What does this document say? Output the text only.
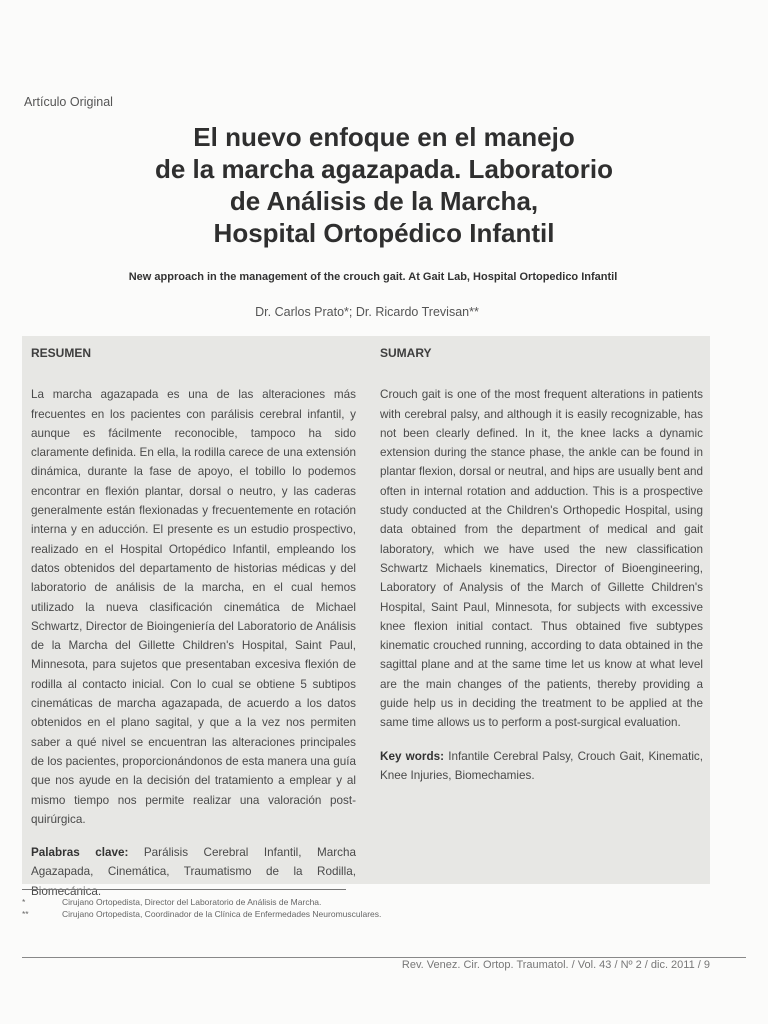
Artículo Original
El nuevo enfoque en el manejo
de la marcha agazapada. Laboratorio
de Análisis de la Marcha,
Hospital Ortopédico Infantil
New approach in the management of the crouch gait. At Gait Lab, Hospital Ortopedico Infantil
Dr. Carlos Prato*; Dr. Ricardo Trevisan**
RESUMEN
La marcha agazapada es una de las alteraciones más frecuentes en los pacientes con parálisis cerebral infantil, y aunque es fácilmente reconocible, tampoco ha sido claramente definida. En ella, la rodilla carece de una extensión dinámica, durante la fase de apoyo, el tobillo lo podemos encontrar en flexión plantar, dorsal o neutro, y las caderas generalmente están flexionadas y frecuentemente en rotación interna y en aducción. El presente es un estudio prospectivo, realizado en el Hospital Ortopédico Infantil, empleando los datos obtenidos del departamento de historias médicas y del laboratorio de análisis de la marcha, en el cual hemos utilizado la nueva clasificación cinemática de Michael Schwartz, Director de Bioingeniería del Laboratorio de Análisis de la Marcha del Gillette Children's Hospital, Saint Paul, Minnesota, para sujetos que presentaban excesiva flexión de rodilla al contacto inicial. Con lo cual se obtiene 5 subtipos cinemáticas de marcha agazapada, de acuerdo a los datos obtenidos en el plano sagital, y que a la vez nos permiten saber a qué nivel se encuentran las alteraciones principales de los pacientes, proporcionándonos de esta manera una guía que nos ayude en la decisión del tratamiento a emplear y al mismo tiempo nos permite realizar una valoración post-quirúrgica.
Palabras clave: Parálisis Cerebral Infantil, Marcha Agazapada, Cinemática, Traumatismo de la Rodilla, Biomecánica.
SUMARY
Crouch gait is one of the most frequent alterations in patients with cerebral palsy, and although it is easily recognizable, has not been clearly defined. In it, the knee lacks a dynamic extension during the stance phase, the ankle can be found in plantar flexion, dorsal or neutral, and hips are usually bent and often in internal rotation and adduction. This is a prospective study conducted at the Children's Orthopedic Hospital, using data obtained from the department of medical and gait laboratory, which we have used the new classification Schwartz Michaels kinematics, Director of Bioengineering, Laboratory of Analysis of the March of Gillette Children's Hospital, Saint Paul, Minnesota, for subjects with excessive knee flexion initial contact. Thus obtained five subtypes kinematic crouched running, according to data obtained in the sagittal plane and at the same time let us know at what level are the main changes of the patients, thereby providing a guide help us in deciding the treatment to be applied at the same time allows us to perform a post-surgical evaluation.
Key words: Infantile Cerebral Palsy, Crouch Gait, Kinematic, Knee Injuries, Biomechamies.
*	Cirujano Ortopedista, Director del Laboratorio de Análisis de Marcha.
**	Cirujano Ortopedista, Coordinador de la Clínica de Enfermedades Neuromusculares.
Rev. Venez. Cir. Ortop. Traumatol. / Vol. 43 / Nº 2 / dic. 2011 / 9
